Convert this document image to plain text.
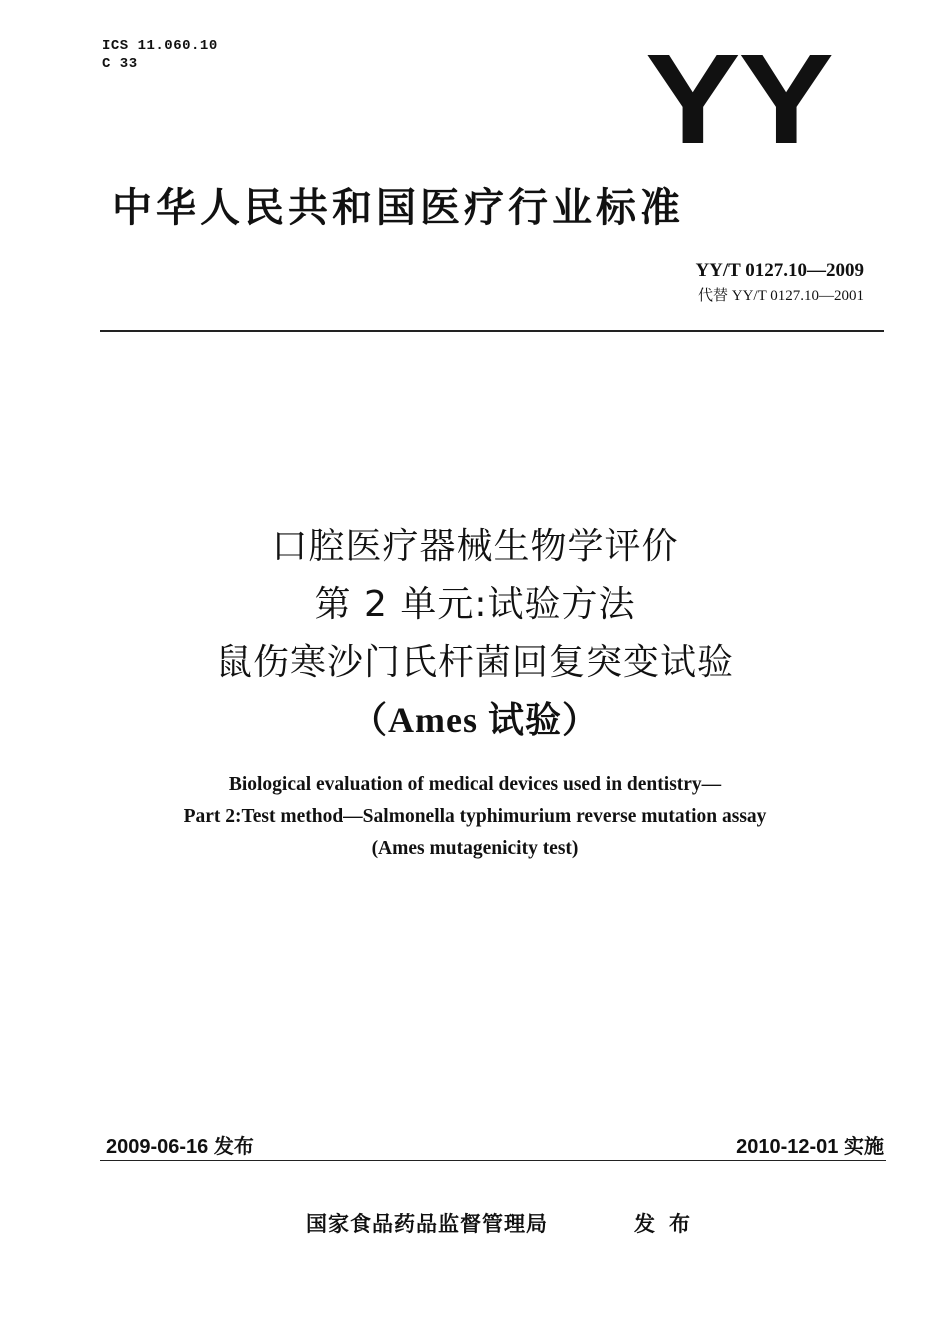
ICS 11.060.10
C 33	YY
中华人民共和国医疗行业标准
YY/T 0127.10—2009
代替 YY/T 0127.10—2001
口腔医疗器械生物学评价
第 2 单元:试验方法
鼠伤寒沙门氏杆菌回复突变试验
（Ames 试验）
Biological evaluation of medical devices used in dentistry—
Part 2:Test method—Salmonella typhimurium reverse mutation assay
(Ames mutagenicity test)
2009-06-16 发布	2010-12-01 实施
国家食品药品监督管理局	发布
